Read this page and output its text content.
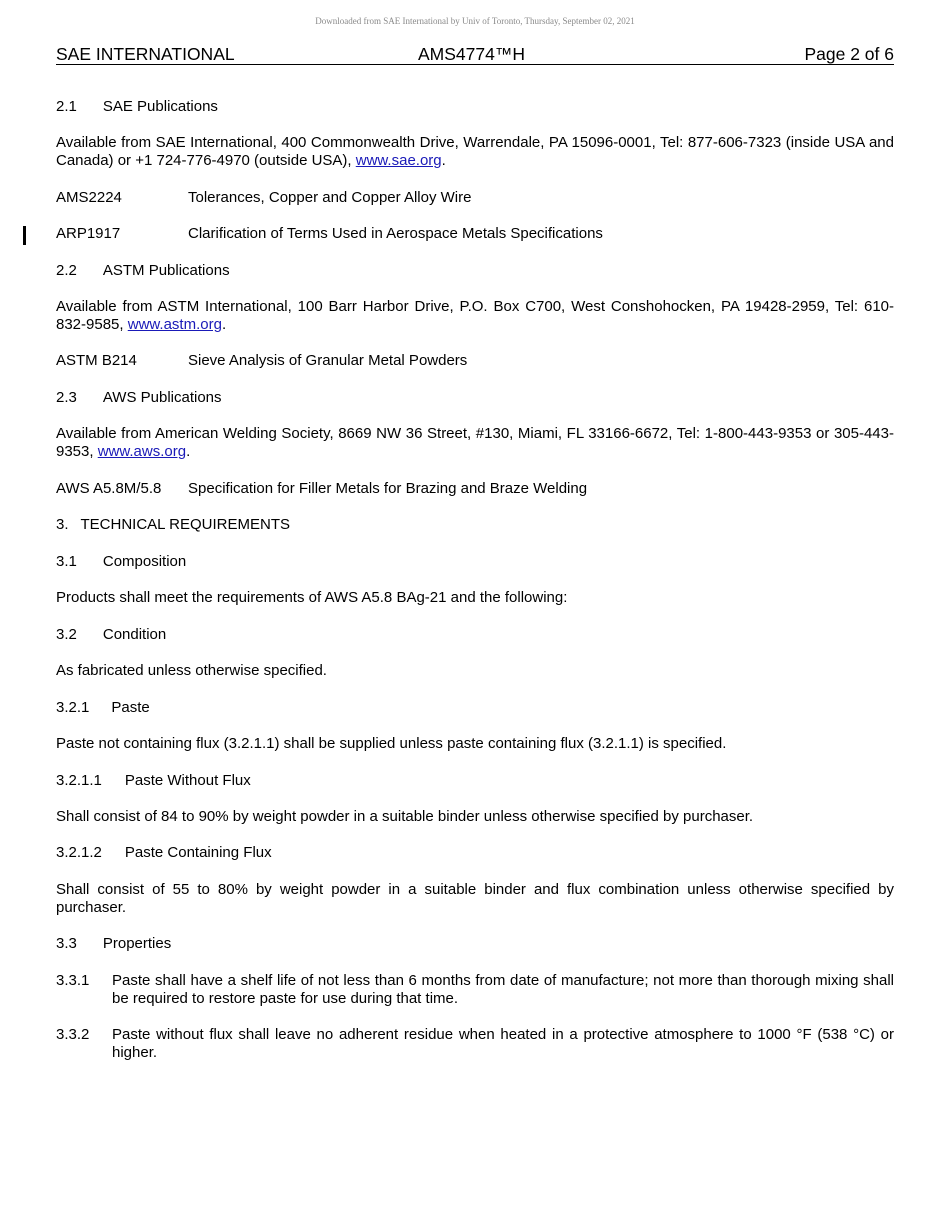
Downloaded from SAE International by Univ of Toronto, Thursday, September 02, 2021
SAE INTERNATIONAL	AMS4774™H	Page 2 of 6
2.1 SAE Publications
Available from SAE International, 400 Commonwealth Drive, Warrendale, PA 15096-0001, Tel: 877-606-7323 (inside USA and Canada) or +1 724-776-4970 (outside USA), www.sae.org.
AMS2224	Tolerances, Copper and Copper Alloy Wire
ARP1917	Clarification of Terms Used in Aerospace Metals Specifications
2.2 ASTM Publications
Available from ASTM International, 100 Barr Harbor Drive, P.O. Box C700, West Conshohocken, PA 19428-2959, Tel: 610-832-9585, www.astm.org.
ASTM B214	Sieve Analysis of Granular Metal Powders
2.3 AWS Publications
Available from American Welding Society, 8669 NW 36 Street, #130, Miami, FL 33166-6672, Tel: 1-800-443-9353 or 305-443-9353, www.aws.org.
AWS A5.8M/5.8 Specification for Filler Metals for Brazing and Braze Welding
3. TECHNICAL REQUIREMENTS
3.1 Composition
Products shall meet the requirements of AWS A5.8 BAg-21 and the following:
3.2 Condition
As fabricated unless otherwise specified.
3.2.1 Paste
Paste not containing flux (3.2.1.1) shall be supplied unless paste containing flux (3.2.1.1) is specified.
3.2.1.1 Paste Without Flux
Shall consist of 84 to 90% by weight powder in a suitable binder unless otherwise specified by purchaser.
3.2.1.2 Paste Containing Flux
Shall consist of 55 to 80% by weight powder in a suitable binder and flux combination unless otherwise specified by purchaser.
3.3 Properties
3.3.1 Paste shall have a shelf life of not less than 6 months from date of manufacture; not more than thorough mixing shall be required to restore paste for use during that time.
3.3.2 Paste without flux shall leave no adherent residue when heated in a protective atmosphere to 1000 °F (538 °C) or higher.
